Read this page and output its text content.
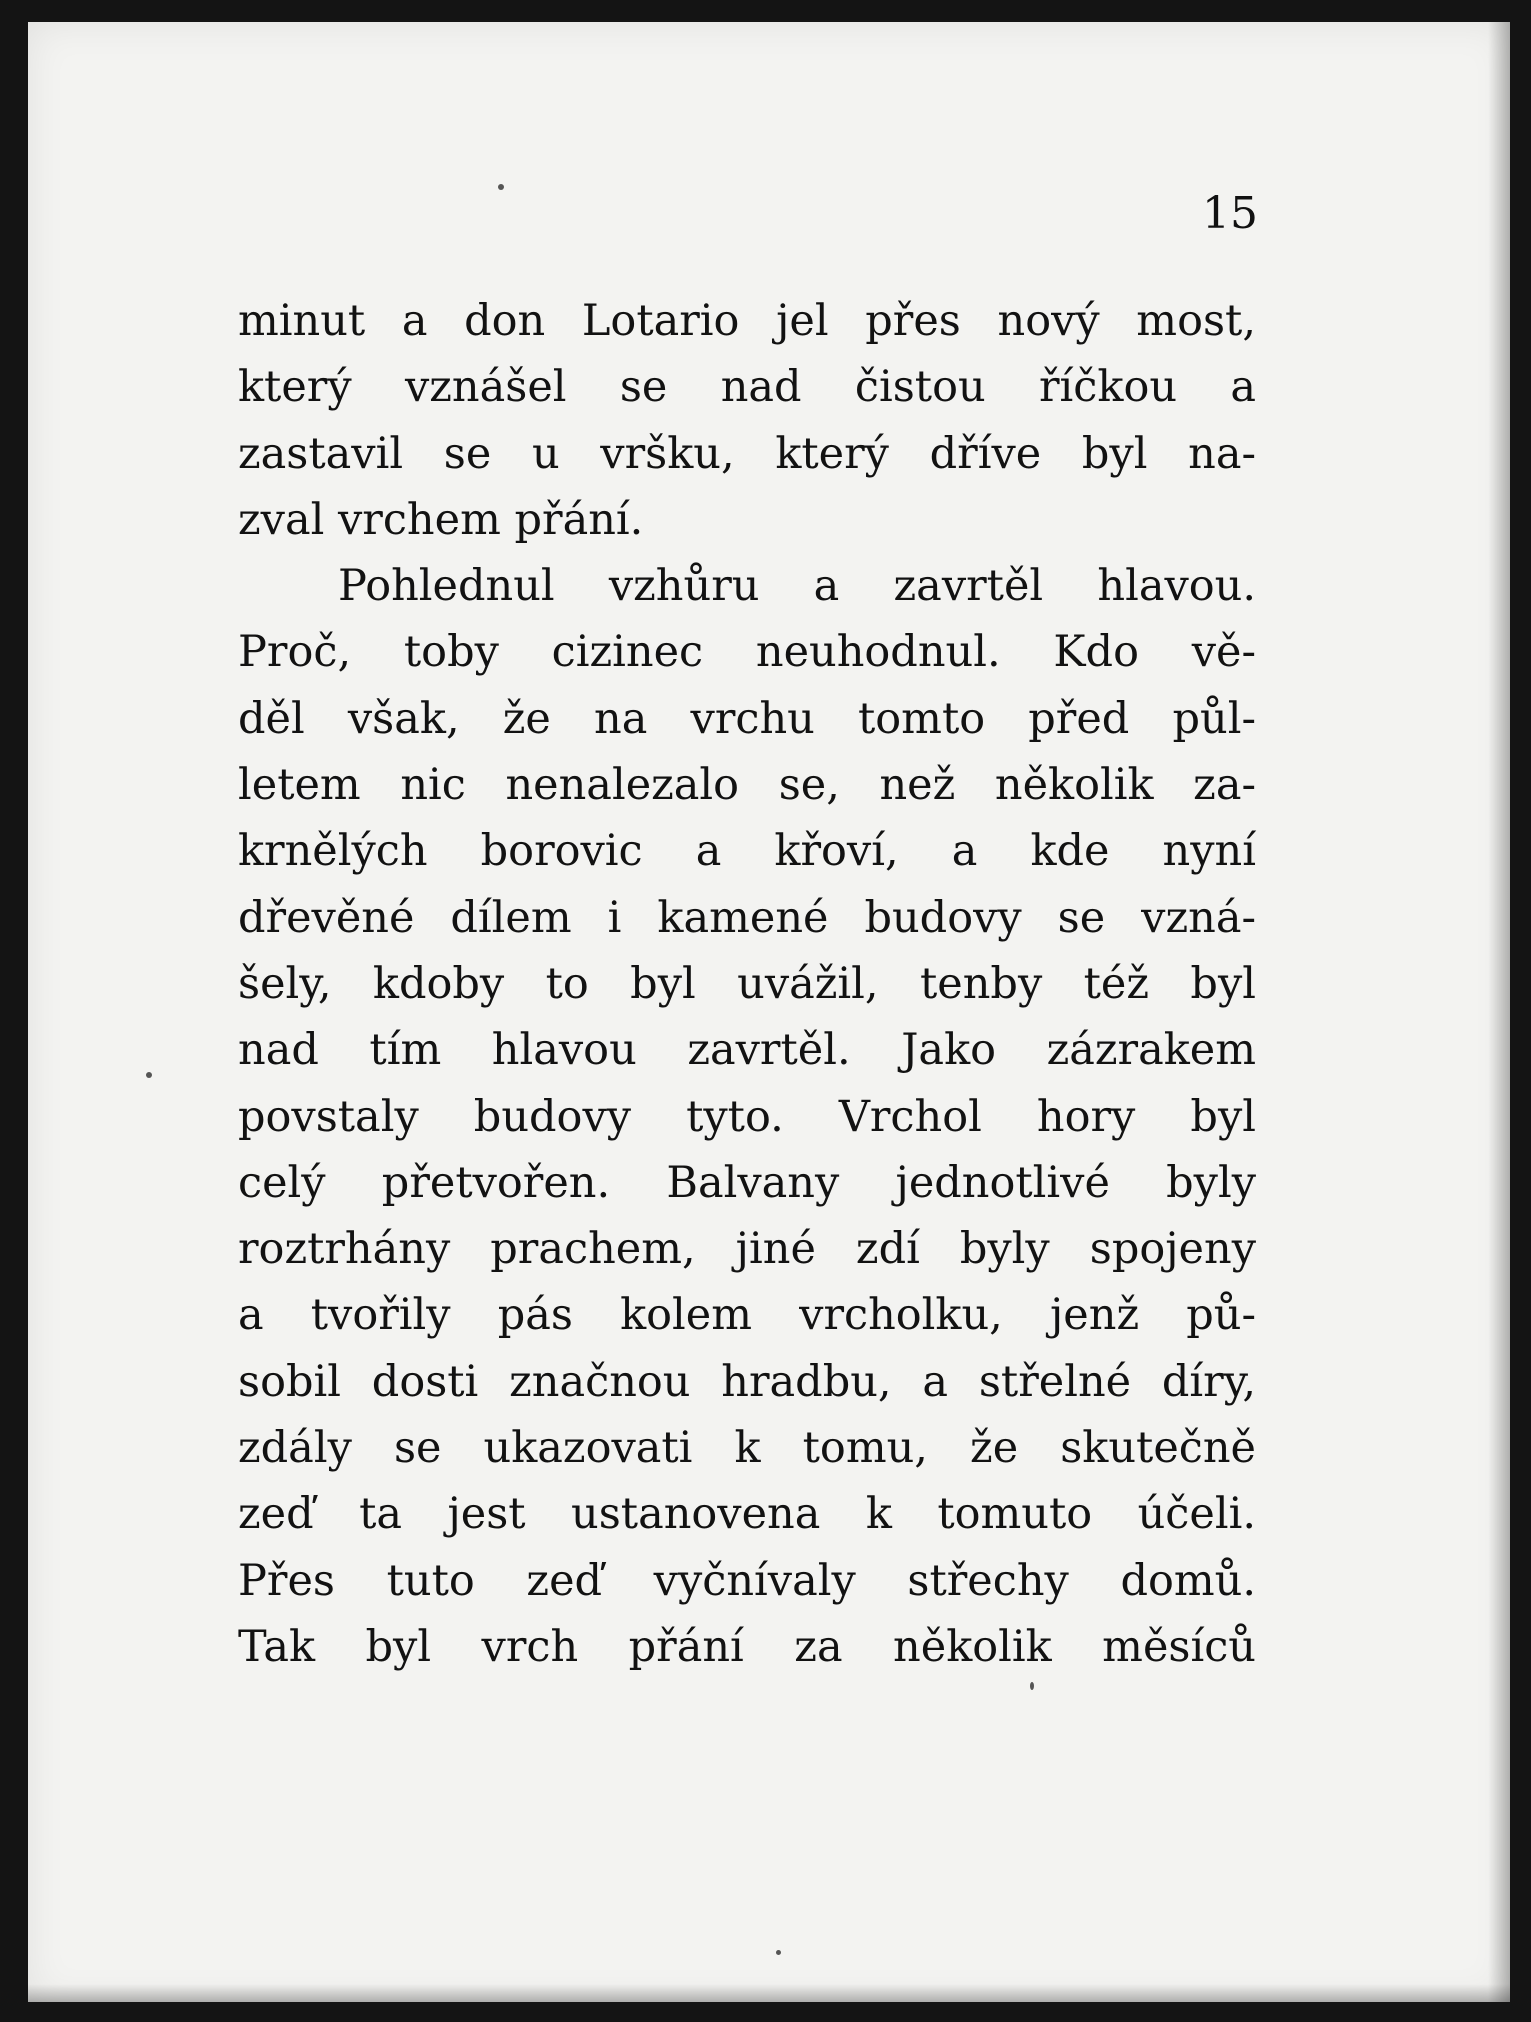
15
minut a don Lotario jel přes nový most,
který vznášel se nad čistou říčkou a
zastavil se u vršku, který dříve byl na-
zval vrchem přání.
Pohlednul vzhůru a zavrtěl hlavou.
Proč, toby cizinec neuhodnul. Kdo vě-
děl však, že na vrchu tomto před půl-
letem nic nenalezalo se, než několik za-
krnělých borovic a křoví, a kde nyní
dřevěné dílem i kamené budovy se vzná-
šely, kdoby to byl uvážil, tenby též byl
nad tím hlavou zavrtěl. Jako zázrakem
povstaly budovy tyto. Vrchol hory byl
celý přetvořen. Balvany jednotlivé byly
roztrhány prachem, jiné zdí byly spojeny
a tvořily pás kolem vrcholku, jenž pů-
sobil dosti značnou hradbu, a střelné díry,
zdály se ukazovati k tomu, že skutečně
zeď ta jest ustanovena k tomuto účeli.
Přes tuto zeď vyčnívaly střechy domů.
Tak byl vrch přání za několik měsíců
